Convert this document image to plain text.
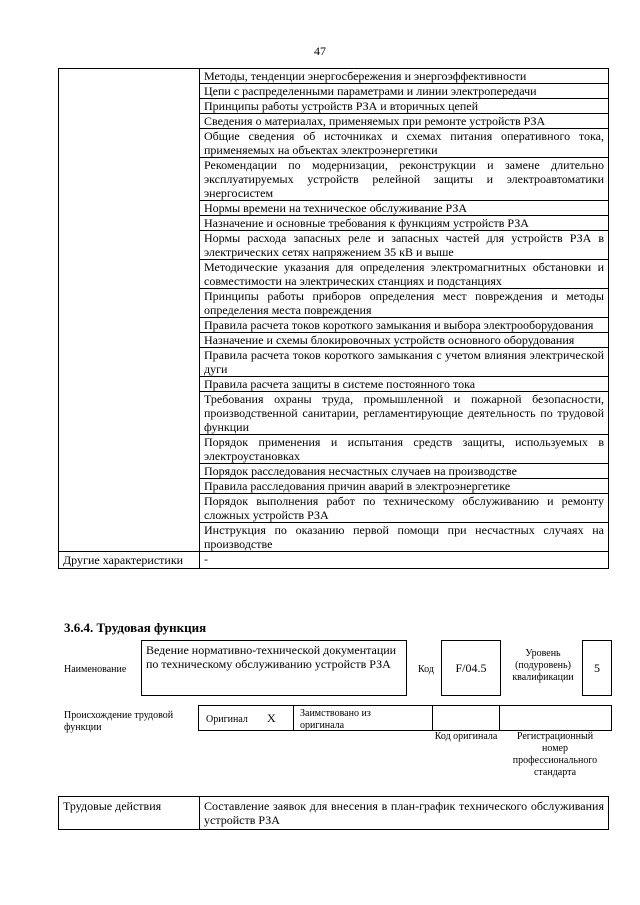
47
	Методы, тенденции энергосбережения и энергоэффективности
	Цепи с распределенными параметрами и линии электропередачи
	Принципы работы устройств РЗА и вторичных цепей
	Сведения о материалах, применяемых при ремонте устройств РЗА
	Общие сведения об источниках и схемах питания оперативного тока, применяемых на объектах электроэнергетики
	Рекомендации по модернизации, реконструкции и замене длительно эксплуатируемых устройств релейной защиты и электроавтоматики энергосистем
	Нормы времени на техническое обслуживание РЗА
	Назначение и основные требования к функциям устройств РЗА
	Нормы расхода запасных реле и запасных частей для устройств РЗА в электрических сетях напряжением 35 кВ и выше
	Методические указания для определения электромагнитных обстановки и совместимости на электрических станциях и подстанциях
	Принципы работы приборов определения мест повреждения и методы определения места повреждения
	Правила расчета токов короткого замыкания и выбора электрооборудования
	Назначение и схемы блокировочных устройств основного оборудования
	Правила расчета токов короткого замыкания с учетом влияния электрической дуги
	Правила расчета защиты в системе постоянного тока
	Требования охраны труда, промышленной и пожарной безопасности, производственной санитарии, регламентирующие деятельность по трудовой функции
	Порядок применения и испытания средств защиты, используемых в электроустановках
	Порядок расследования несчастных случаев на производстве
	Правила расследования причин аварий в электроэнергетике
	Порядок выполнения работ по техническому обслуживанию и ремонту сложных устройств РЗА
	Инструкция по оказанию первой помощи при несчастных случаях на производстве
Другие характеристики	-
3.6.4. Трудовая функция
Наименование
Ведение нормативно-технической документации по техническому обслуживанию устройств РЗА	Код	F/04.5
Уровень (подуровень) квалификации
5
Происхождение трудовой функции
Оригинал X Заимствовано из оригинала
Код оригинала	Регистрационный номер профессионального стандарта
Трудовые действия	Составление заявок для внесения в план-график технического обслуживания устройств РЗА
